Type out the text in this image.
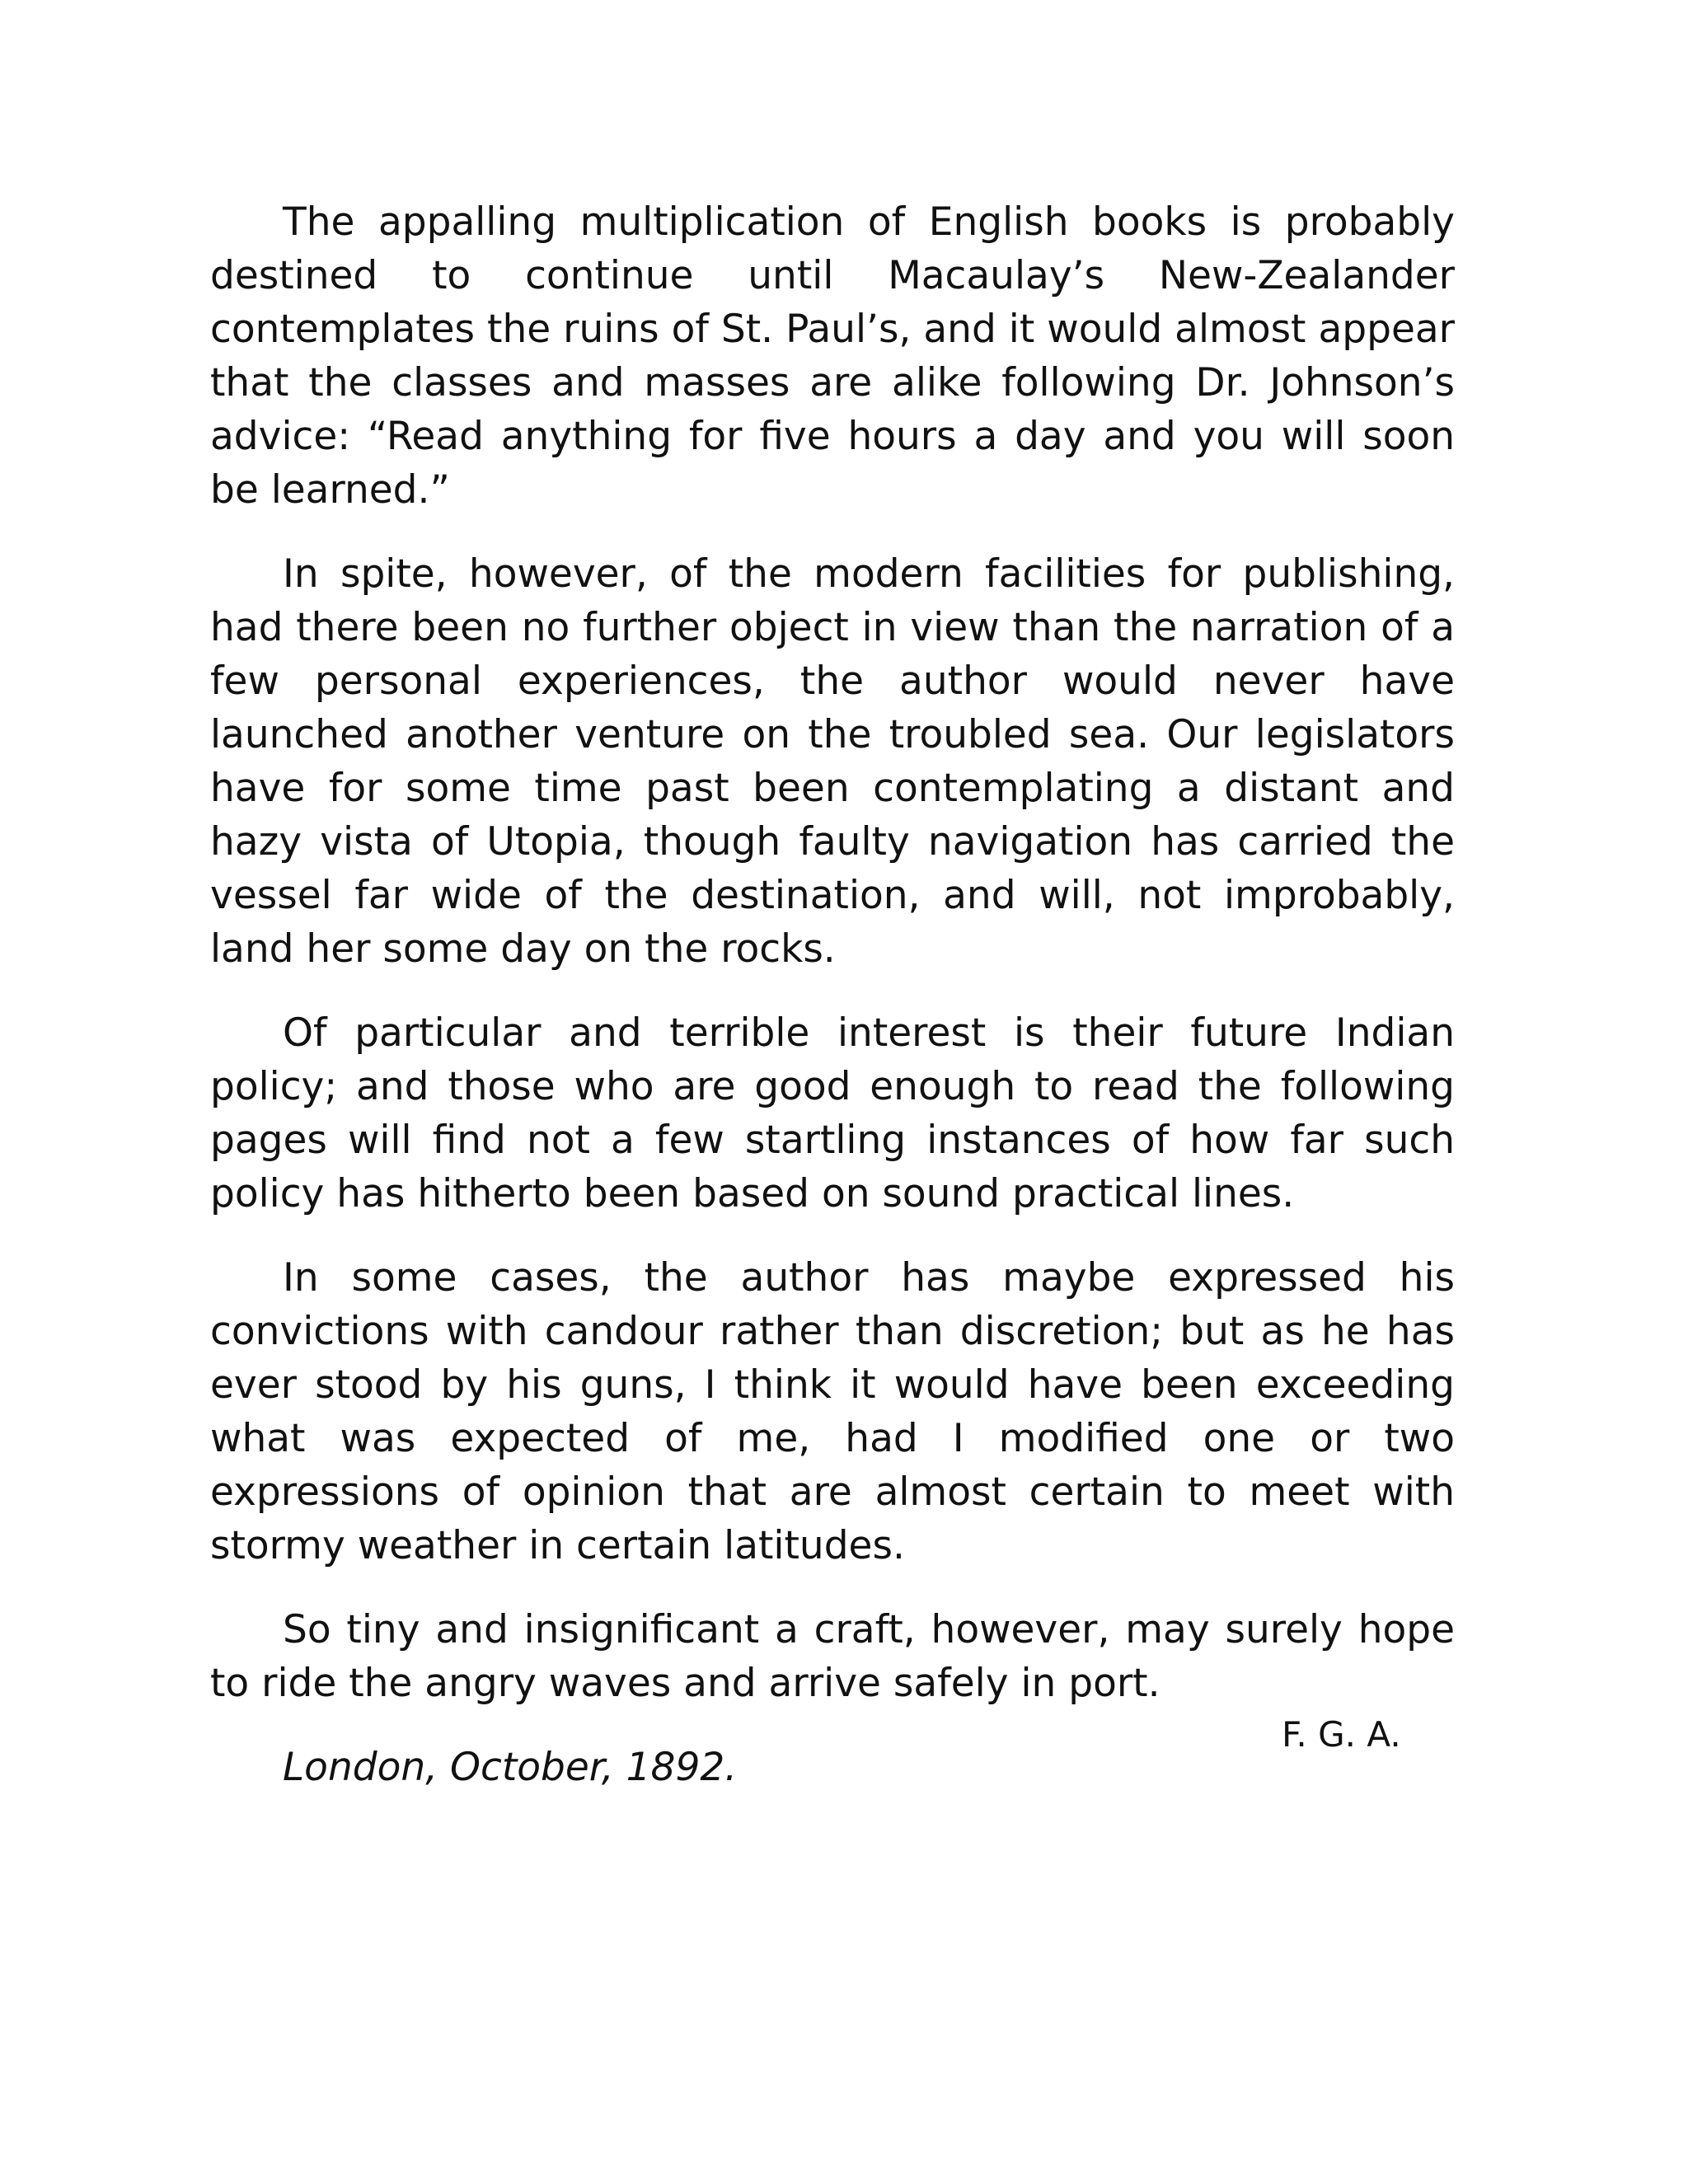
The appalling multiplication of English books is probably destined to continue until Macaulay’s New-Zealander contemplates the ruins of St. Paul’s, and it would almost appear that the classes and masses are alike following Dr. Johnson’s advice: “Read anything for five hours a day and you will soon be learned.”

In spite, however, of the modern facilities for publishing, had there been no further object in view than the narration of a few personal experiences, the author would never have launched another venture on the troubled sea. Our legislators have for some time past been contemplating a distant and hazy vista of Utopia, though faulty navigation has carried the vessel far wide of the destination, and will, not improbably, land her some day on the rocks.

Of particular and terrible interest is their future Indian policy; and those who are good enough to read the following pages will find not a few startling instances of how far such policy has hitherto been based on sound practical lines.

In some cases, the author has maybe expressed his convictions with candour rather than discretion; but as he has ever stood by his guns, I think it would have been exceeding what was expected of me, had I modified one or two expressions of opinion that are almost certain to meet with stormy weather in certain latitudes.

So tiny and insignificant a craft, however, may surely hope to ride the angry waves and arrive safely in port.

London, October, 1892.

F. G. A.
